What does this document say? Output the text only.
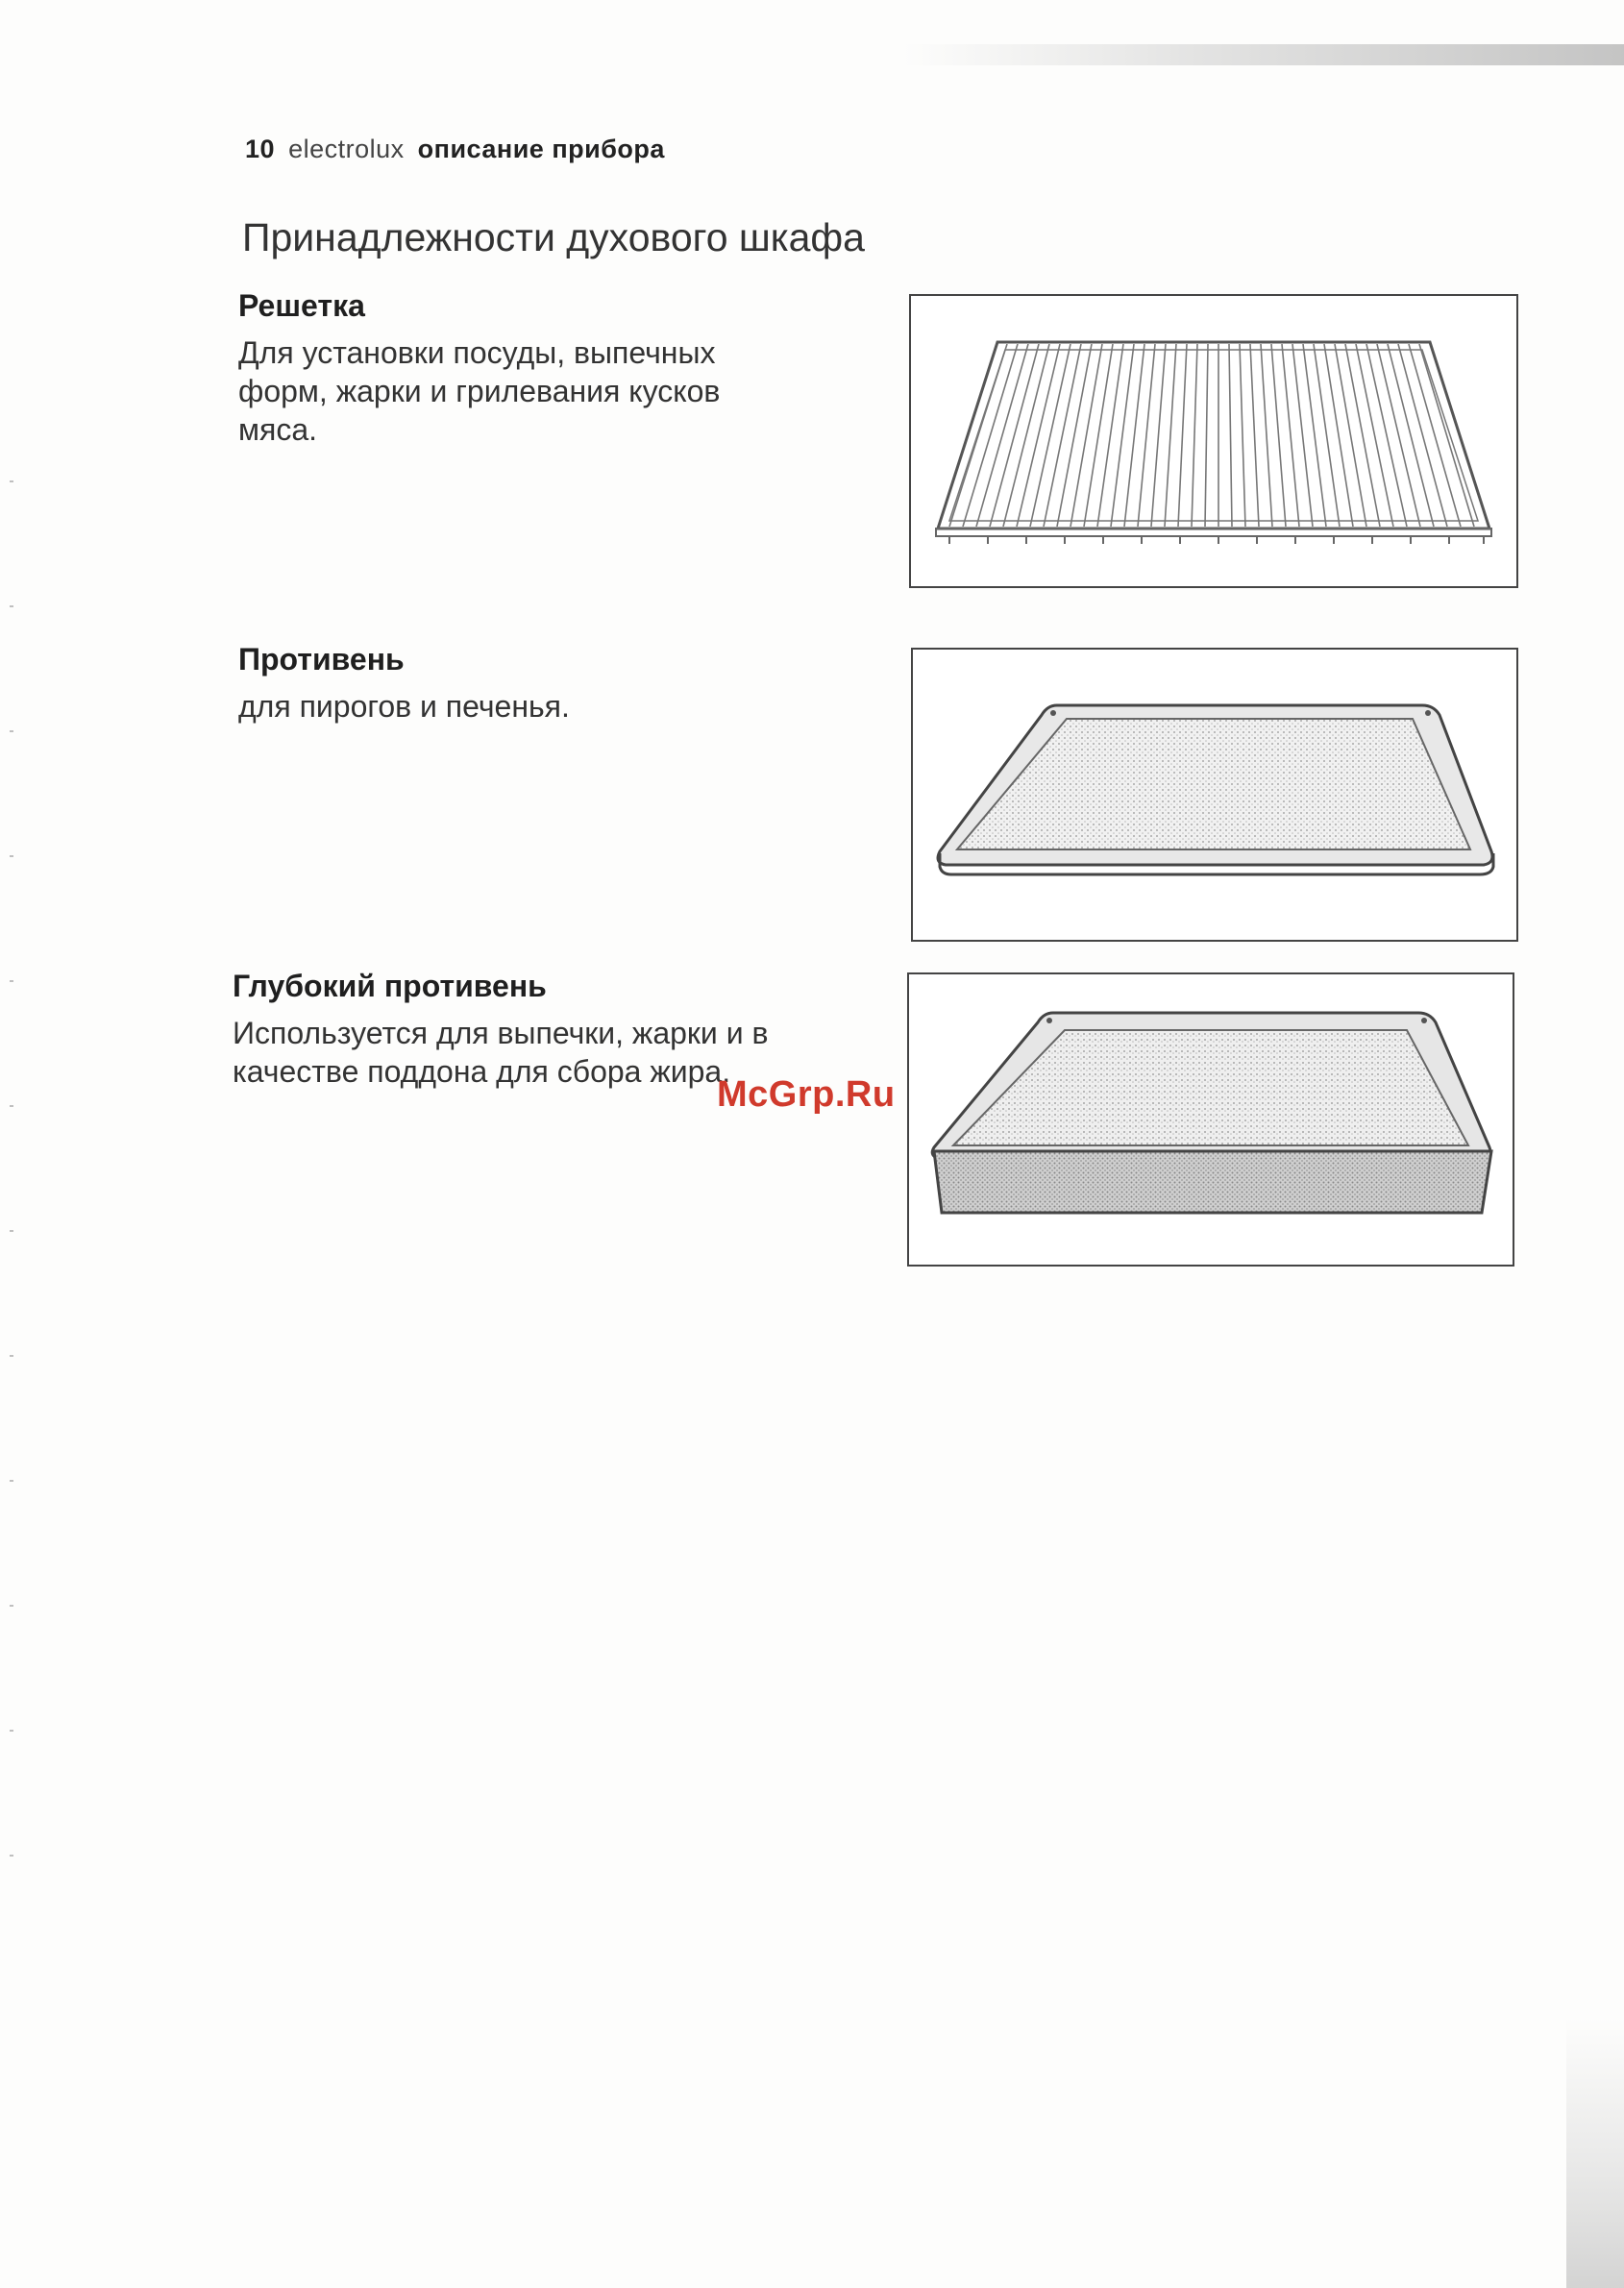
10 electrolux описание прибора
Принадлежности духового шкафа
Решетка

Для установки посуды, выпечных форм, жарки и грилевания кусков мяса.

Противень

для пирогов и печенья.

Глубокий противень

Используется для выпечки, жарки и в качестве поддона для сбора жира.

McGrp.Ru
